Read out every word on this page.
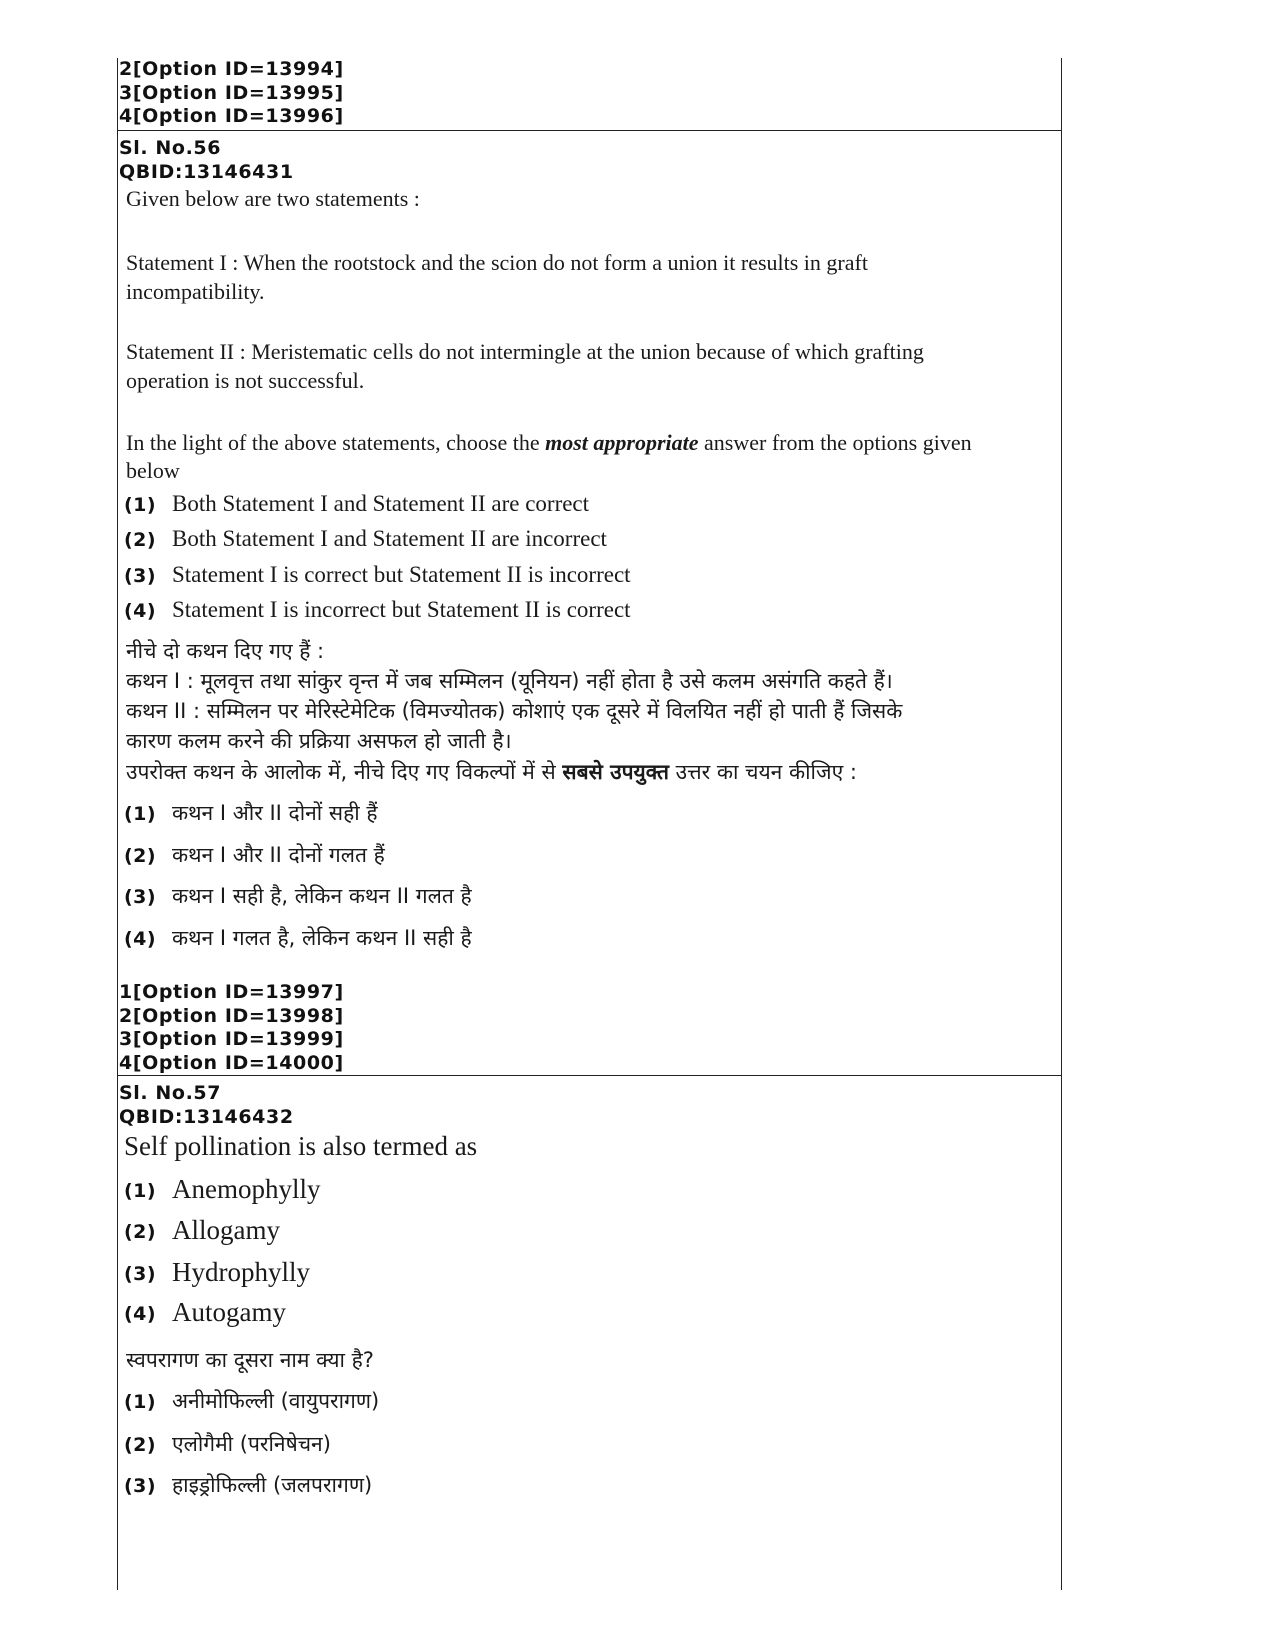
2[Option ID=13994]
3[Option ID=13995]
4[Option ID=13996]
Sl. No.56
QBID:13146431
Given below are two statements :
Statement I : When the rootstock and the scion do not form a union it results in graft
incompatibility.
Statement II : Meristematic cells do not intermingle at the union because of which grafting
operation is not successful.
In the light of the above statements, choose the most appropriate answer from the options given
below
(1) Both Statement I and Statement II are correct
(2) Both Statement I and Statement II are incorrect
(3) Statement I is correct but Statement II is incorrect
(4) Statement I is incorrect but Statement II is correct
नीचे दो कथन दिए गए हैं :
कथन I : मूलवृत्त तथा सांकुर वृन्त में जब सम्मिलन (यूनियन) नहीं होता है उसे कलम असंगति कहते हैं।
कथन II : सम्मिलन पर मेरिस्टेमेटिक (विमज्योतक) कोशाएं एक दूसरे में विलयित नहीं हो पाती हैं जिसके
कारण कलम करने की प्रक्रिया असफल हो जाती है।
उपरोक्त कथन के आलोक में, नीचे दिए गए विकल्पों में से सबसे उपयुक्त उत्तर का चयन कीजिए :
(1) कथन I और II दोनों सही हैं
(2) कथन I और II दोनों गलत हैं
(3) कथन I सही है, लेकिन कथन II गलत है
(4) कथन I गलत है, लेकिन कथन II सही है
1[Option ID=13997]
2[Option ID=13998]
3[Option ID=13999]
4[Option ID=14000]
Sl. No.57
QBID:13146432
Self pollination is also termed as
(1) Anemophylly
(2) Allogamy
(3) Hydrophylly
(4) Autogamy
स्वपरागण का दूसरा नाम क्या है?
(1) अनीमोफिल्ली (वायुपरागण)
(2) एलोगैमी (परनिषेचन)
(3) हाइड्रोफिल्ली (जलपरागण)
